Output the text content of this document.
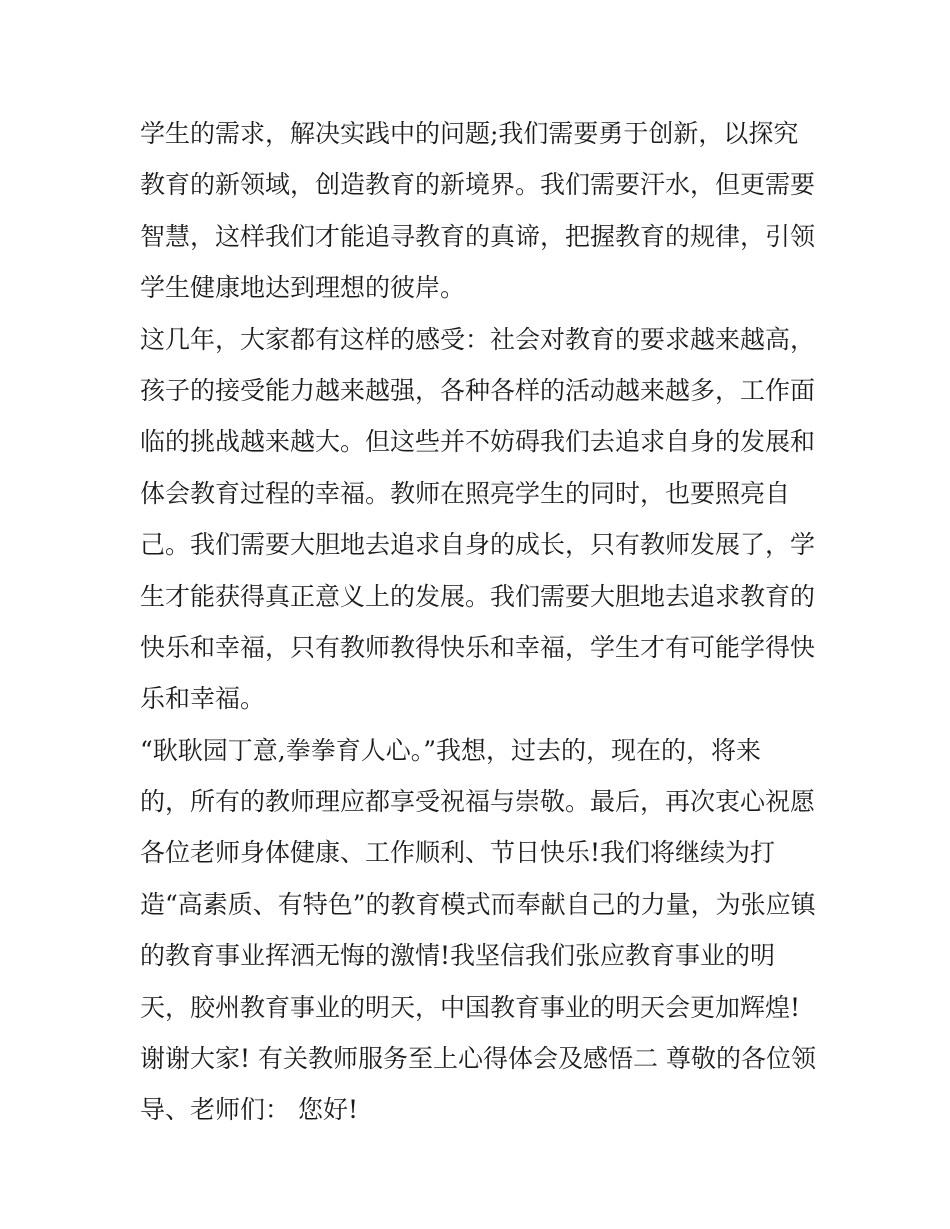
学生的需求，解决实践中的问题;我们需要勇于创新，以探究
教育的新领域，创造教育的新境界。我们需要汗水，但更需要
智慧，这样我们才能追寻教育的真谛，把握教育的规律，引领
学生健康地达到理想的彼岸。
这几年，大家都有这样的感受：社会对教育的要求越来越高，
孩子的接受能力越来越强，各种各样的活动越来越多，工作面
临的挑战越来越大。但这些并不妨碍我们去追求自身的发展和
体会教育过程的幸福。教师在照亮学生的同时，也要照亮自
己。我们需要大胆地去追求自身的成长，只有教师发展了，学
生才能获得真正意义上的发展。我们需要大胆地去追求教育的
快乐和幸福，只有教师教得快乐和幸福，学生才有可能学得快
乐和幸福。
“耿耿园丁意,拳拳育人心。”我想，过去的，现在的，将来
的，所有的教师理应都享受祝福与崇敬。最后，再次衷心祝愿
各位老师身体健康、工作顺利、节日快乐!我们将继续为打
造“高素质、有特色”的教育模式而奉献自己的力量，为张应镇
的教育事业挥洒无悔的激情!我坚信我们张应教育事业的明
天，胶州教育事业的明天，中国教育事业的明天会更加辉煌!
谢谢大家! 有关教师服务至上心得体会及感悟二 尊敬的各位领
导、老师们： 您好!
